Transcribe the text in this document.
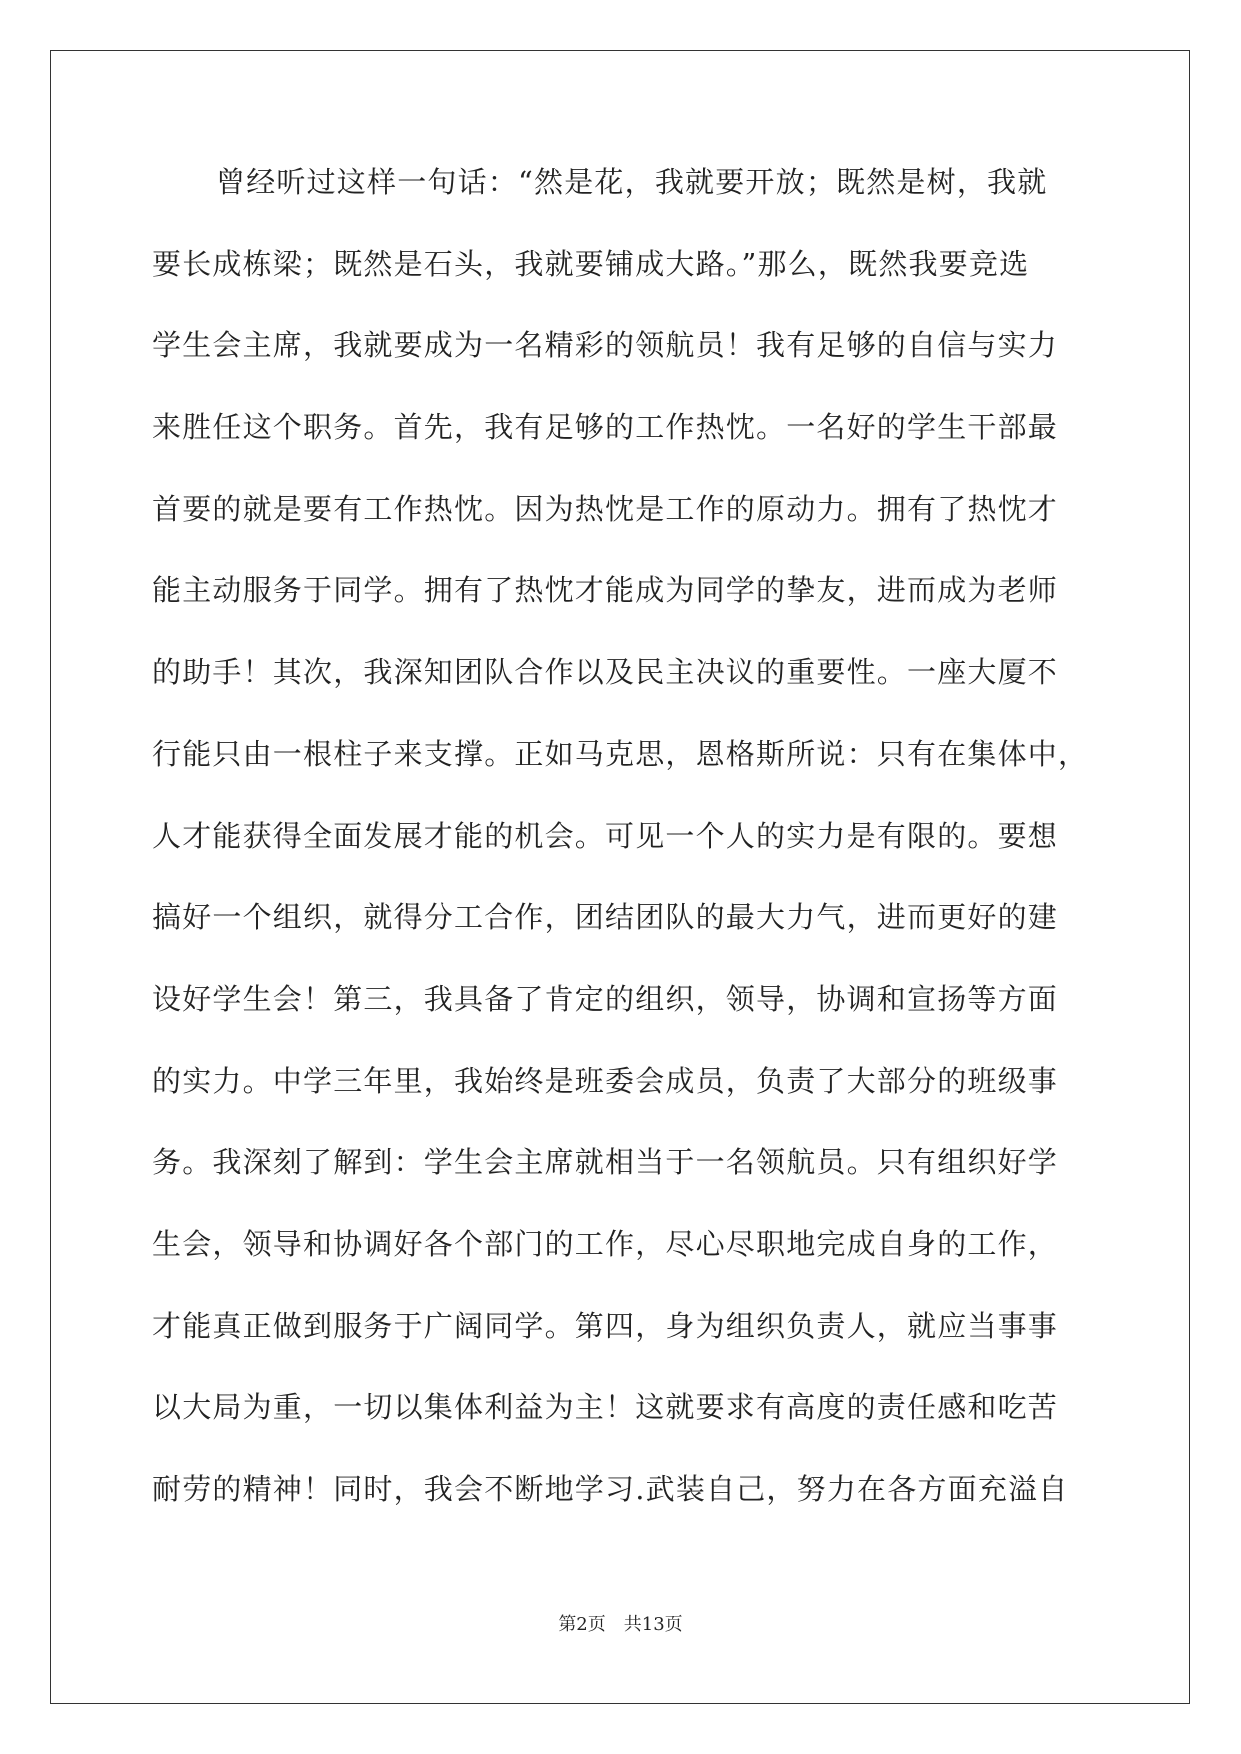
曾经听过这样一句话：“然是花，我就要开放；既然是树，我就
要长成栋梁；既然是石头，我就要铺成大路。”那么，既然我要竞选
学生会主席，我就要成为一名精彩的领航员！我有足够的自信与实力
来胜任这个职务。首先，我有足够的工作热忱。一名好的学生干部最
首要的就是要有工作热忱。因为热忱是工作的原动力。拥有了热忱才
能主动服务于同学。拥有了热忱才能成为同学的挚友，进而成为老师
的助手！其次，我深知团队合作以及民主决议的重要性。一座大厦不
行能只由一根柱子来支撑。正如马克思，恩格斯所说：只有在集体中，
人才能获得全面发展才能的机会。可见一个人的实力是有限的。要想
搞好一个组织，就得分工合作，团结团队的最大力气，进而更好的建
设好学生会！第三，我具备了肯定的组织，领导，协调和宣扬等方面
的实力。中学三年里，我始终是班委会成员，负责了大部分的班级事
务。我深刻了解到：学生会主席就相当于一名领航员。只有组织好学
生会，领导和协调好各个部门的工作，尽心尽职地完成自身的工作，
才能真正做到服务于广阔同学。第四，身为组织负责人，就应当事事
以大局为重，一切以集体利益为主！这就要求有高度的责任感和吃苦
耐劳的精神！同时，我会不断地学习.武装自己，努力在各方面充溢自
第2页 共13页
